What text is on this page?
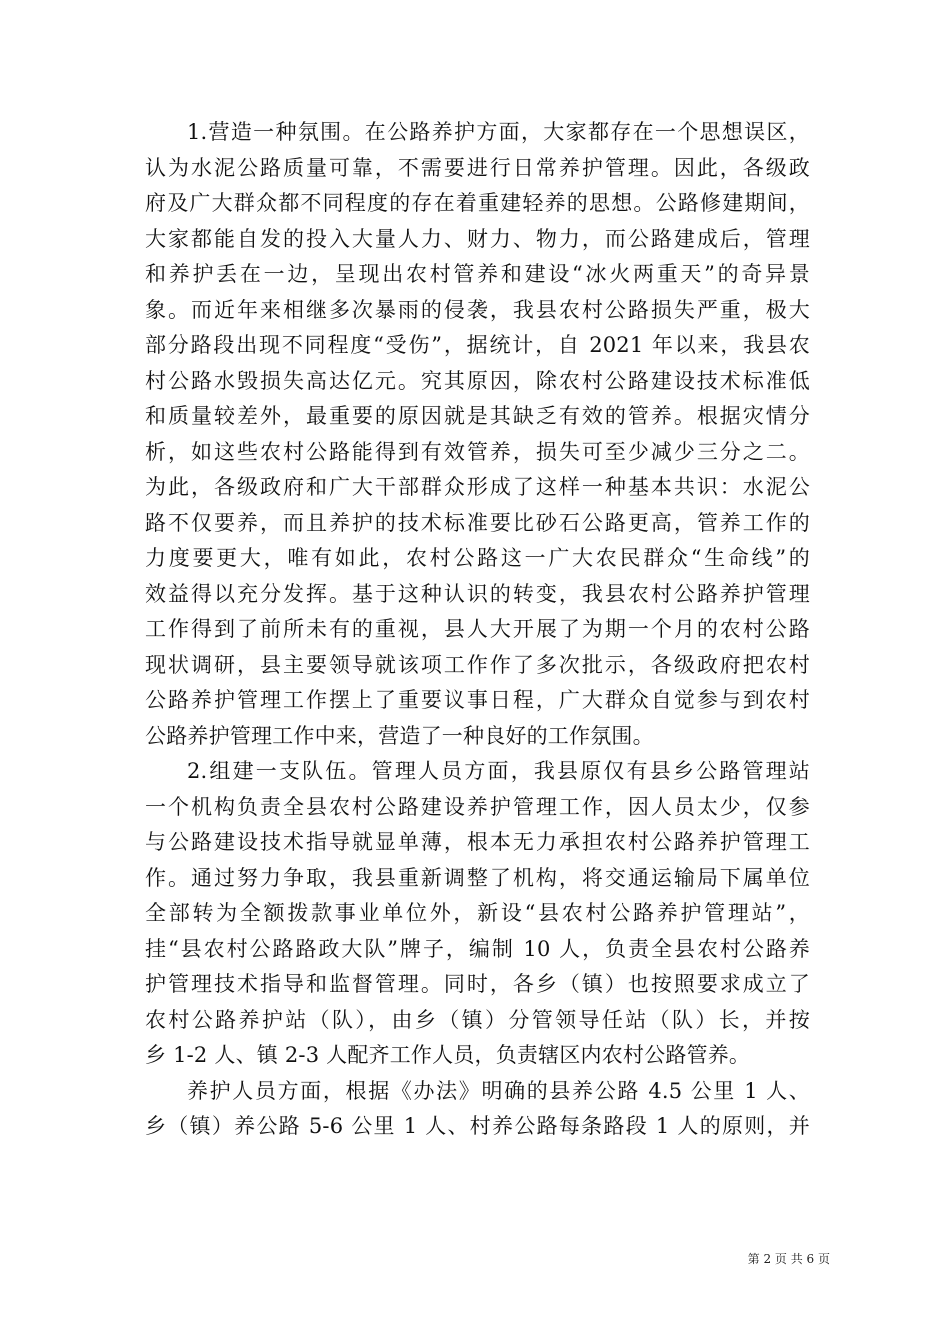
1.营造一种氛围。在公路养护方面，大家都存在一个思想误区，
认为水泥公路质量可靠，不需要进行日常养护管理。因此，各级政
府及广大群众都不同程度的存在着重建轻养的思想。公路修建期间，
大家都能自发的投入大量人力、财力、物力，而公路建成后，管理
和养护丢在一边，呈现出农村管养和建设“冰火两重天”的奇异景
象。而近年来相继多次暴雨的侵袭，我县农村公路损失严重，极大
部分路段出现不同程度“受伤”，据统计，自 2021 年以来，我县农
村公路水毁损失高达亿元。究其原因，除农村公路建设技术标准低
和质量较差外，最重要的原因就是其缺乏有效的管养。根据灾情分
析，如这些农村公路能得到有效管养，损失可至少减少三分之二。
为此，各级政府和广大干部群众形成了这样一种基本共识：水泥公
路不仅要养，而且养护的技术标准要比砂石公路更高，管养工作的
力度要更大，唯有如此，农村公路这一广大农民群众“生命线”的
效益得以充分发挥。基于这种认识的转变，我县农村公路养护管理
工作得到了前所未有的重视，县人大开展了为期一个月的农村公路
现状调研，县主要领导就该项工作作了多次批示，各级政府把农村
公路养护管理工作摆上了重要议事日程，广大群众自觉参与到农村
公路养护管理工作中来，营造了一种良好的工作氛围。
2.组建一支队伍。管理人员方面，我县原仅有县乡公路管理站
一个机构负责全县农村公路建设养护管理工作，因人员太少，仅参
与公路建设技术指导就显单薄，根本无力承担农村公路养护管理工
作。通过努力争取，我县重新调整了机构，将交通运输局下属单位
全部转为全额拨款事业单位外，新设“县农村公路养护管理站”，
挂“县农村公路路政大队”牌子，编制 10 人，负责全县农村公路养
护管理技术指导和监督管理。同时，各乡（镇）也按照要求成立了
农村公路养护站（队），由乡（镇）分管领导任站（队）长，并按
乡 1-2 人、镇 2-3 人配齐工作人员，负责辖区内农村公路管养。
养护人员方面，根据《办法》明确的县养公路 4.5 公里 1 人、
乡（镇）养公路 5-6 公里 1 人、村养公路每条路段 1 人的原则，并
第 2 页 共 6 页
